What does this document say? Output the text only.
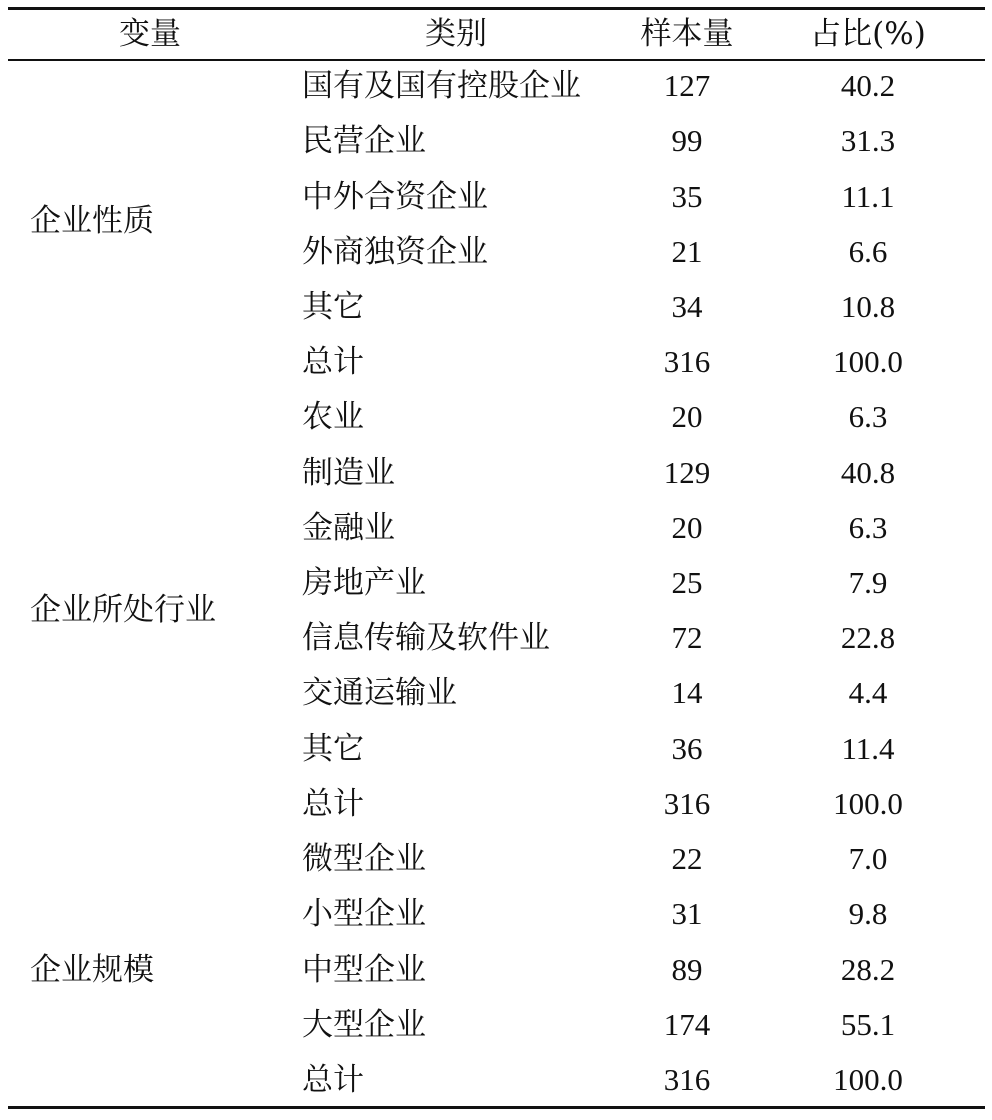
变量	类别	样本量	占比(%)
企业性质
国有及国有控股企业	127	40.2
民营企业	99	31.3
中外合资企业	35	11.1
外商独资企业	21	6.6
其它	34	10.8
总计	316	100.0
企业所处行业
农业	20	6.3
制造业	129	40.8
金融业	20	6.3
房地产业	25	7.9
信息传输及软件业	72	22.8
交通运输业	14	4.4
其它	36	11.4
总计	316	100.0
企业规模
微型企业	22	7.0
小型企业	31	9.8
中型企业	89	28.2
大型企业	174	55.1
总计	316	100.0
